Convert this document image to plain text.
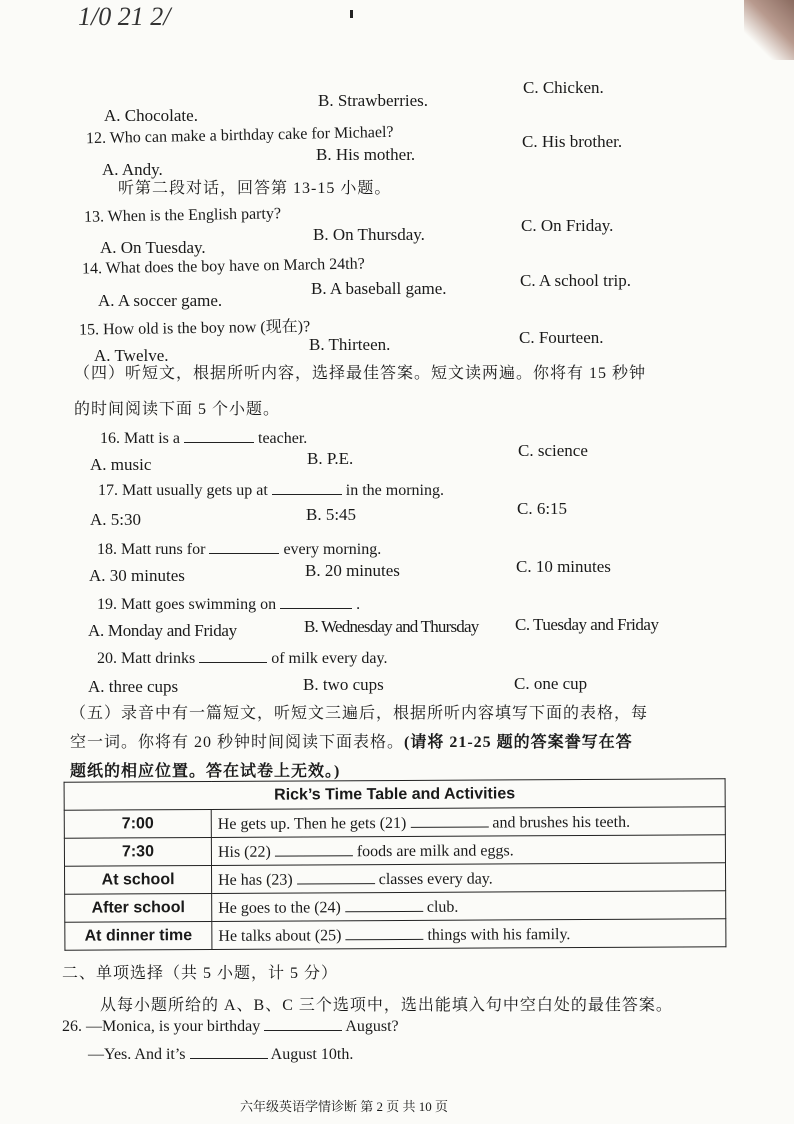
1/0 21 2/
A. Chocolate.
B. Strawberries.
C. Chicken.
12. Who can make a birthday cake for Michael?
A. Andy.
B. His mother.
C. His brother.
听第二段对话，回答第 13-15 小题。
13. When is the English party?
A. On Tuesday.
B. On Thursday.	C. On Friday.
14. What does the boy have on March 24th?
A. A soccer game.
B. A baseball game.	C. A school trip.
15. How old is the boy now (现在)?
A. Twelve.
B. Thirteen.	C. Fourteen.
（四）听短文，根据所听内容，选择最佳答案。短文读两遍。你将有 15 秒钟
的时间阅读下面 5 个小题。
16. Matt is a	teacher.
A. music	B. P.E.	C. science
17. Matt usually gets up at	in the morning.
A. 5:30	B. 5:45	C. 6:15
18. Matt runs for	every morning.
A. 30 minutes	B. 20 minutes	C. 10 minutes
19. Matt goes swimming on	.
A. Monday and Friday	B. Wednesday and Thursday C. Tuesday and Friday
20. Matt drinks	of milk every day.
A. three cups	B. two cups	C. one cup
（五）录音中有一篇短文，听短文三遍后，根据所听内容填写下面的表格，每
空一词。你将有 20 秒钟时间阅读下面表格。(请将 21-25 题的答案誊写在答
题纸的相应位置。答在试卷上无效。)
Rick’s Time Table and Activities	
7:00	He gets up. Then he gets (21) and brushes his teeth.
7:30	His (22) foods are milk and eggs.
At school	He has (23) classes every day.
After school	He goes to the (24) club.
At dinner time	He talks about (25) things with his family.
二、单项选择（共 5 小题，计 5 分）
从每小题所给的 A、B、C 三个选项中，选出能填入句中空白处的最佳答案。
26. —Monica, is your birthday	August?
—Yes. And it’s	August 10th.
六年级英语学情诊断 第 2 页 共 10 页
